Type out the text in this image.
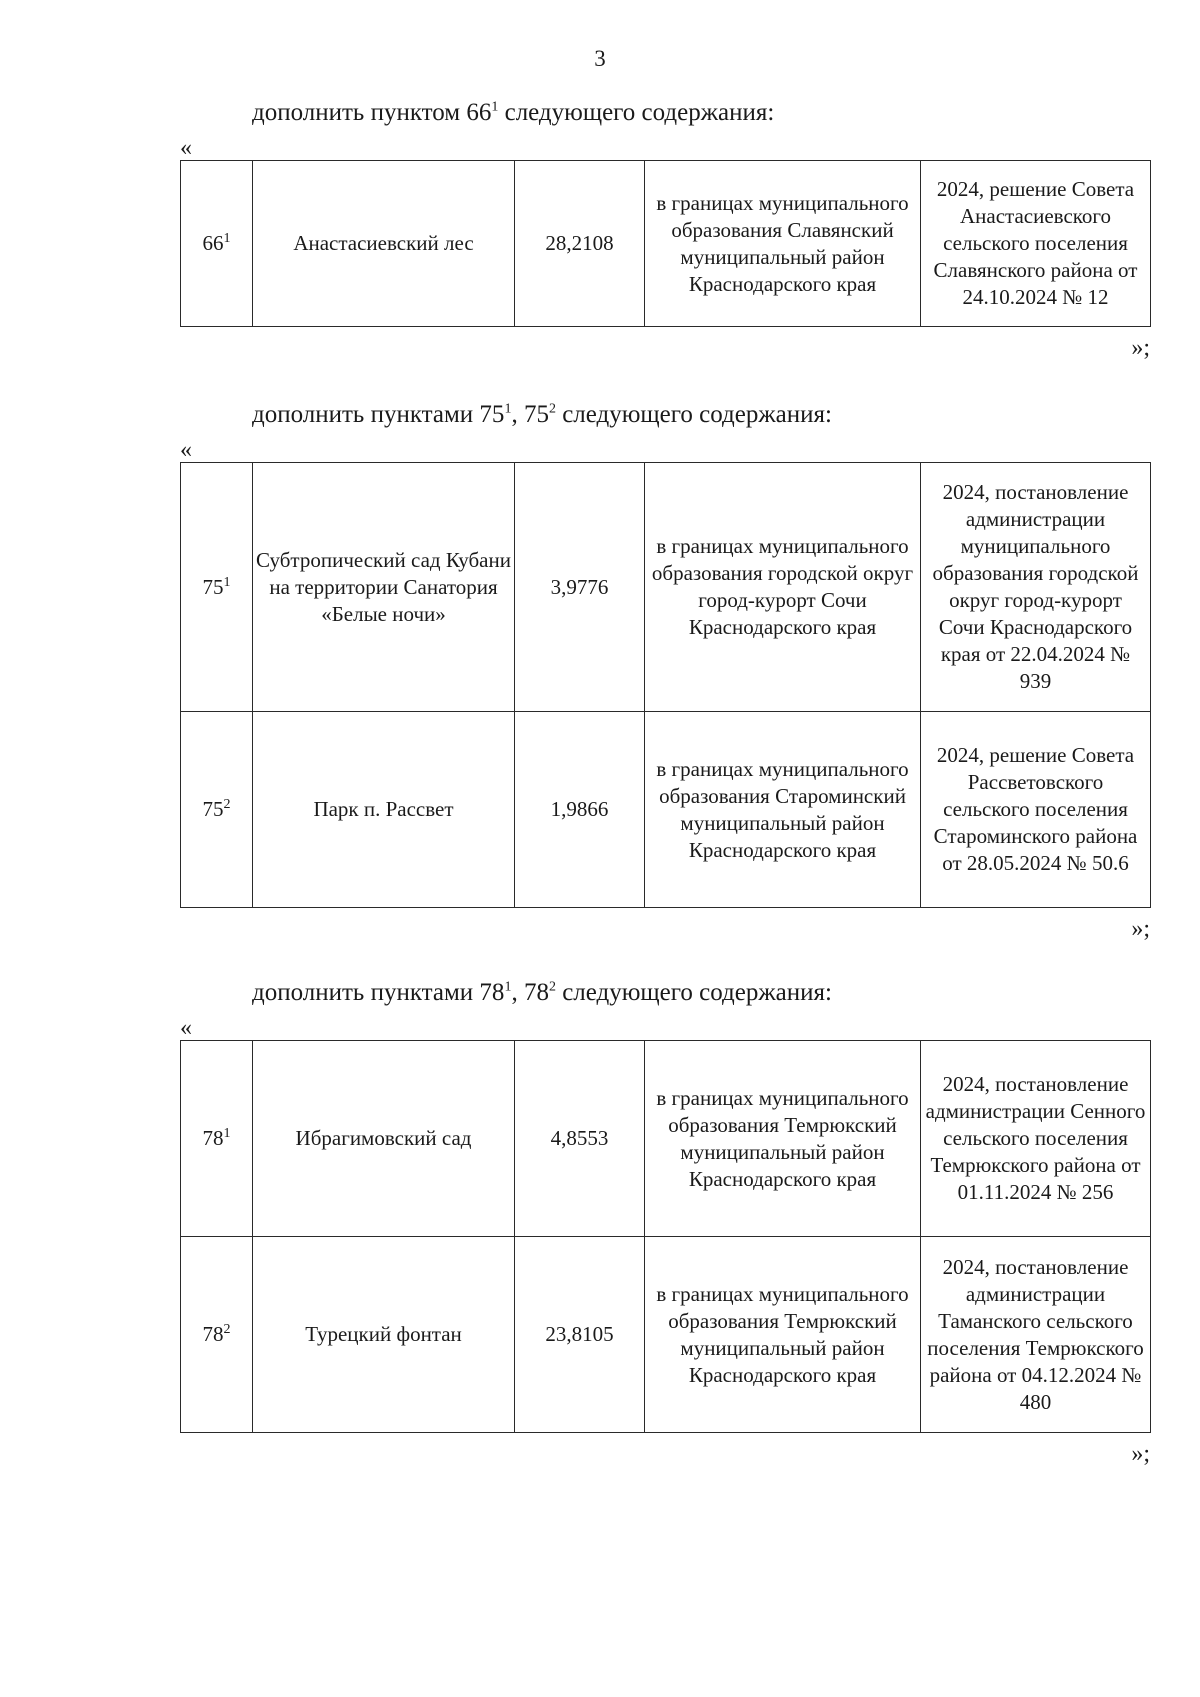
3
дополнить пунктом $66^1$ следующего содержания:
«
$66^1$	Анастасиевский лес	28,2108	в границах муниципального образования Славянский муниципальный район Краснодарского края	2024, решение Совета Анастасиевского сельского поселения Славянского района от 24.10.2024 № 12
»;
дополнить пунктами $75^1$, $75^2$ следующего содержания:
«
$75^1$	Субтропический сад Кубани на территории Санатория «Белые ночи»	3,9776	в границах муниципального образования городской округ город-курорт Сочи Краснодарского края	2024, постановление администрации муниципального образования городской округ город-курорт Сочи Краснодарского края от 22.04.2024 № 939
$75^2$	Парк п. Рассвет	1,9866	в границах муниципального образования Староминский муниципальный район Краснодарского края	2024, решение Совета Рассветовского сельского поселения Староминского района от 28.05.2024 № 50.6
»;
дополнить пунктами $78^1$, $78^2$ следующего содержания:
«
$78^1$	Ибрагимовский сад	4,8553	в границах муниципального образования Темрюкский муниципальный район Краснодарского края	2024, постановление администрации Сенного сельского поселения Темрюкского района от 01.11.2024 № 256
$78^2$	Турецкий фонтан	23,8105	в границах муниципального образования Темрюкский муниципальный район Краснодарского края	2024, постановление администрации Таманского сельского поселения Темрюкского района от 04.12.2024 № 480
»;
